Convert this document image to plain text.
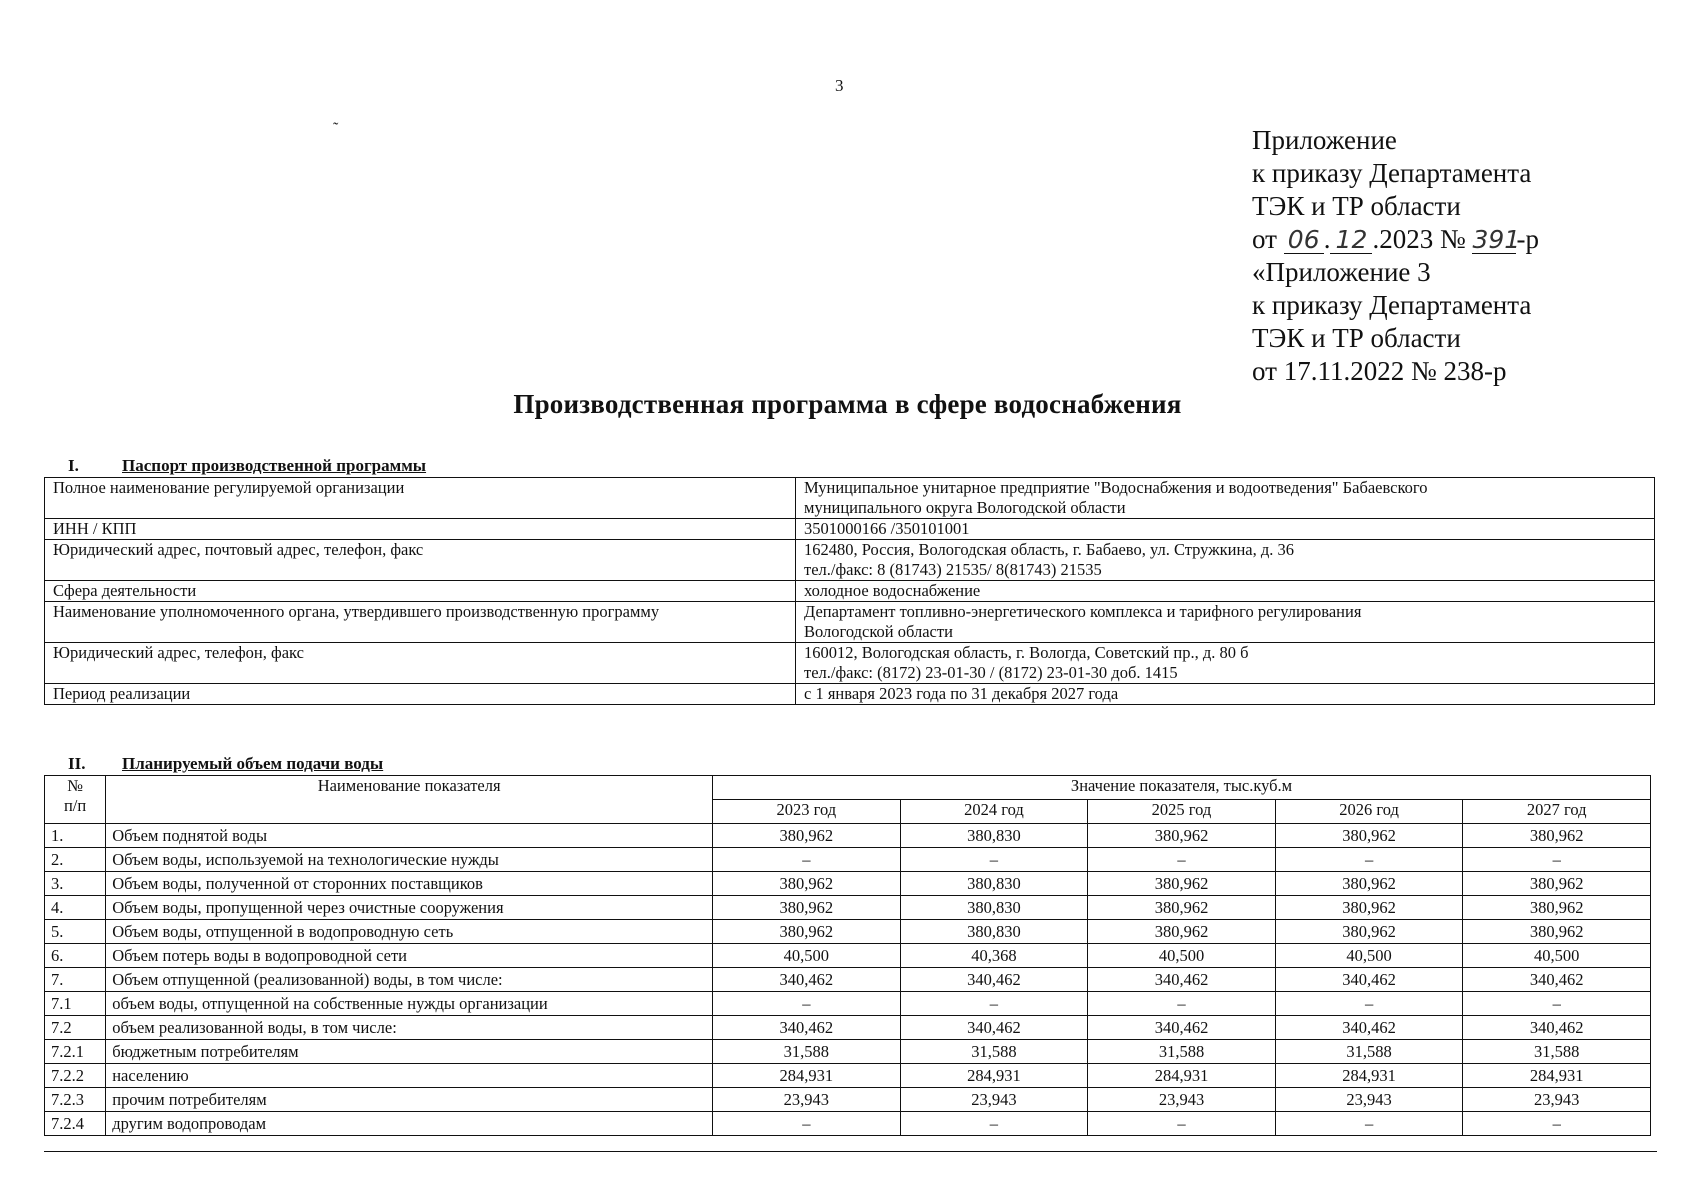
3
˜	Приложение
к приказу Департамента
ТЭК и ТР области
от 06 . 12 .2023 № 391-р
«Приложение 3
к приказу Департамента
ТЭК и ТР области
от 17.11.2022 № 238-р
Производственная программа в сфере водоснабжения
I.	Паспорт производственной программы
Полное наименование регулируемой организации	Муниципальное унитарное предприятие "Водоснабжения и водоотведения" Бабаевского
муниципального округа Вологодской области

ИНН / КПП	3501000166 /350101001

Юридический адрес, почтовый адрес, телефон, факс	162480, Россия, Вологодская область, г. Бабаево, ул. Стружкина, д. 36
тел./факс: 8 (81743) 21535/ 8(81743) 21535

Сфера деятельности	холодное водоснабжение

Наименование уполномоченного органа, утвердившего производственную программу	Департамент топливно-энергетического комплекса и тарифного регулирования
Вологодской области

Юридический адрес, телефон, факс	160012, Вологодская область, г. Вологда, Советский пр., д. 80 б
тел./факс: (8172) 23-01-30 / (8172) 23-01-30 доб. 1415

Период реализации	с 1 января 2023 года по 31 декабря 2027 года
II. Планируемый объем подачи воды
№
п/п	Наименование показателя	Значение показателя, тыс.куб.м				
		2023 год	2024 год	2025 год	2026 год	2027 год
1.	Объем поднятой воды	380,962	380,830	380,962	380,962	380,962
2.	Объем воды, используемой на технологические нужды	–	–	–	–	–
3.	Объем воды, полученной от сторонних поставщиков	380,962	380,830	380,962	380,962	380,962
4.	Объем воды, пропущенной через очистные сооружения	380,962	380,830	380,962	380,962	380,962
5.	Объем воды, отпущенной в водопроводную сеть	380,962	380,830	380,962	380,962	380,962
6.	Объем потерь воды в водопроводной сети	40,500	40,368	40,500	40,500	40,500
7.	Объем отпущенной (реализованной) воды, в том числе:	340,462	340,462	340,462	340,462	340,462
7.1	объем воды, отпущенной на собственные нужды организации	–	–	–	–	–
7.2	объем реализованной воды, в том числе:	340,462	340,462	340,462	340,462	340,462
7.2.1	бюджетным потребителям	31,588	31,588	31,588	31,588	31,588
7.2.2	населению	284,931	284,931	284,931	284,931	284,931
7.2.3	прочим потребителям	23,943	23,943	23,943	23,943	23,943
7.2.4	другим водопроводам	–	–	–	–	–
